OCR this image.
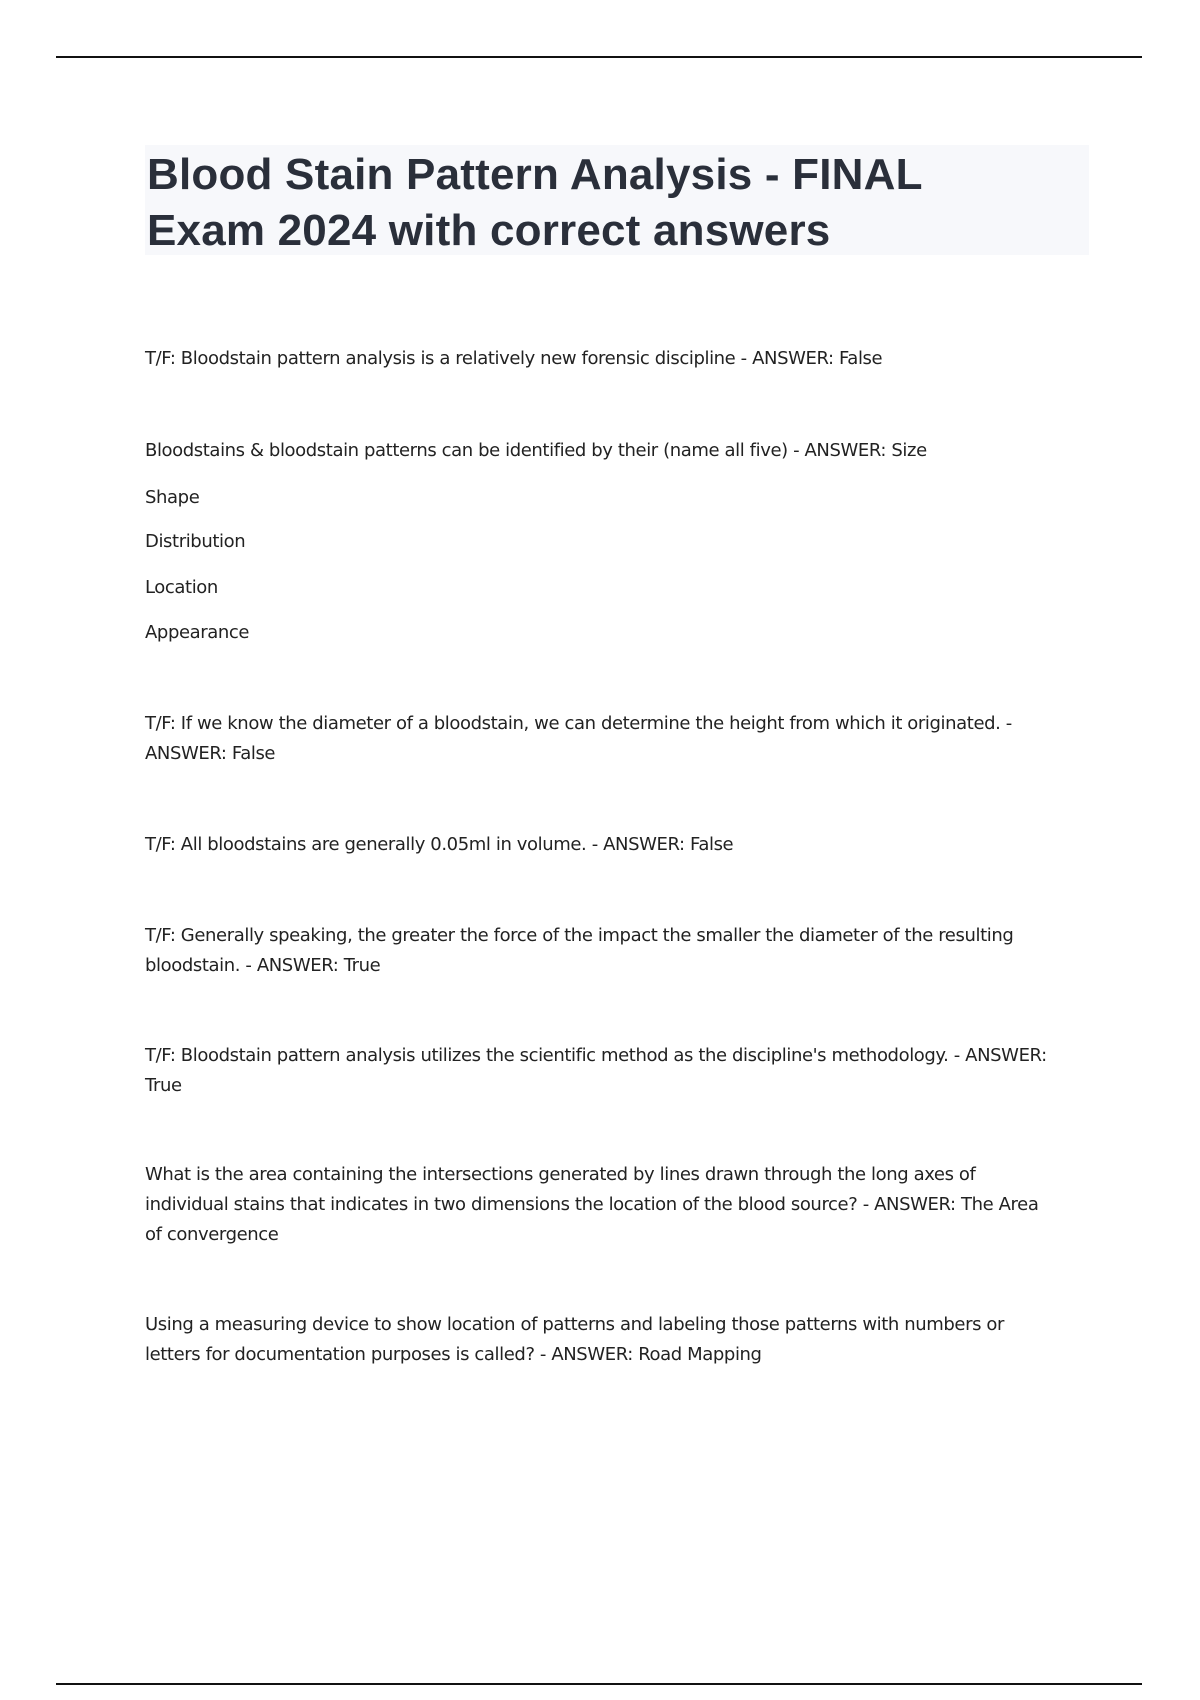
Blood Stain Pattern Analysis - FINAL
Exam 2024 with correct answers
T/F: Bloodstain pattern analysis is a relatively new forensic discipline - ANSWER: False
Bloodstains & bloodstain patterns can be identified by their (name all five) - ANSWER: Size
Shape
Distribution
Location
Appearance
T/F: If we know the diameter of a bloodstain, we can determine the height from which it originated. -
ANSWER: False
T/F: All bloodstains are generally 0.05ml in volume. - ANSWER: False
T/F: Generally speaking, the greater the force of the impact the smaller the diameter of the resulting
bloodstain. - ANSWER: True
T/F: Bloodstain pattern analysis utilizes the scientific method as the discipline's methodology. - ANSWER:
True
What is the area containing the intersections generated by lines drawn through the long axes of
individual stains that indicates in two dimensions the location of the blood source? - ANSWER: The Area
of convergence
Using a measuring device to show location of patterns and labeling those patterns with numbers or
letters for documentation purposes is called? - ANSWER: Road Mapping
